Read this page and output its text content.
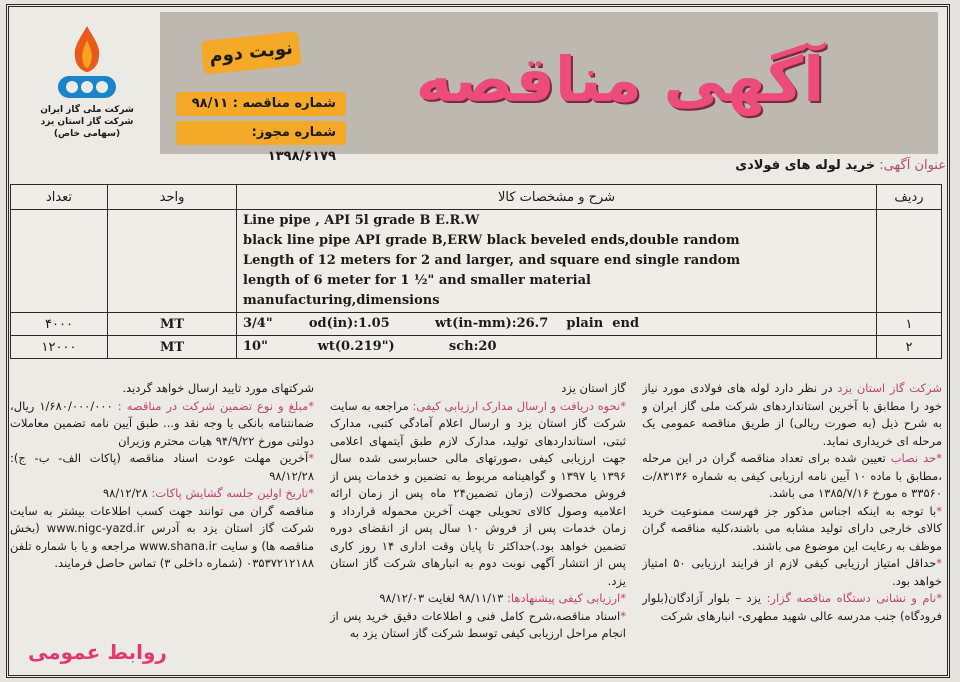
شرکت ملی گاز ایران
شرکت گاز استان یزد
(سهامی خاص)
نوبت دوم
شماره مناقصه : ۹۸/۱۱
شماره مجوز: ۱۳۹۸/۶۱۷۹
آگهی مناقصه
عنوان آگهی: خرید لوله های فولادی
تعداد	واحد	شرح و مشخصات کالا	ردیف

		Line pipe , API 5l grade B E.R.W
black line pipe API grade B,ERW black beveled ends,double random
Length of 12 meters for 2 and larger, and square end single random
length of 6 meter for 1 ½" and smaller material
manufacturing,dimensions	

۴۰۰۰	MT	3/4"        od(in):1.05          wt(in-mm):26.7    plain  end	۱
۱۲۰۰۰	MT	10"           wt(0.219")            sch:20	۲

شرکت گاز استان یزد در نظر دارد لوله های فولادی مورد نیاز خود را مطابق با آخرین استانداردهای شرکت ملی گاز ایران و به شرح ذیل (به صورت ریالی) از طریق مناقصه عمومی یک مرحله ای خریداری نماید.

*حد نصاب تعیین شده برای تعداد مناقصه گران در این مرحله ،مطابق با ماده ۱۰ آیین نامه ارزیابی کیفی به شماره ۸۳۱۳۶/ت ۳۳۵۶۰ ه مورخ ۱۳۸۵/۷/۱۶ می باشد.

*با توجه به اینکه اجناس مذکور جز فهرست ممنوعیت خرید کالای خارجی دارای تولید مشابه می باشند،کلیه مناقصه گران موظف به رعایت این موضوع می باشند.

*حداقل امتیاز ارزیابی کیفی لازم از فرایند ارزیابی ۵۰ امتیاز خواهد بود.

*نام و نشانی دستگاه مناقصه گزار: یزد – بلوار آزادگان(بلوار فرودگاه) جنب مدرسه عالی شهید مطهری- انبارهای شرکت

گاز استان یزد

*نحوه دریافت و ارسال مدارک ارزیابی کیفی: مراجعه به سایت شرکت گاز استان یزد و ارسال اعلام آمادگی کتبی، مدارک ثبتی، استانداردهای تولید، مدارک لازم طبق آیتمهای اعلامی جهت ارزیابی کیفی ،صورتهای مالی حسابرسی شده سال ۱۳۹۶ یا ۱۳۹۷ و گواهینامه مربوط به تضمین و خدمات پس از فروش محصولات (زمان تضمین۲۴ ماه پس از زمان ارائه اعلامیه وصول کالای تحویلی جهت آخرین محموله قرارداد و زمان خدمات پس از فروش ۱۰ سال پس از انقضای دوره تضمین خواهد بود.)حداکثر تا پایان وقت اداری ۱۴ روز کاری پس از انتشار آگهی نوبت دوم به انبارهای شرکت گاز استان یزد.

*ارزیابی کیفی پیشنهادها: ۹۸/۱۱/۱۳ لغایت ۹۸/۱۲/۰۳

*اسناد مناقصه،شرح کامل فنی و اطلاعات دقیق خرید پس از انجام مراحل ارزیابی کیفی توسط شرکت گاز استان یزد به

شرکتهای مورد تایید ارسال خواهد گردید.

*مبلغ و نوع تضمین شرکت در مناقصه : ۱/۶۸۰/۰۰۰/۰۰۰ ریال، ضمانتنامه بانکی یا وجه نقد و... طبق آیین نامه تضمین معاملات دولتی مورخ ۹۴/۹/۲۲ هیات محترم وزیران

*آخرین مهلت عودت اسناد مناقصه (پاکات الف- ب- ج): ۹۸/۱۲/۲۸

*تاریخ اولین جلسه گشایش پاکات: ۹۸/۱۲/۲۸

مناقصه گران می توانند جهت کسب اطلاعات بیشتر به سایت شرکت گاز استان یزد به آدرس www.nigc-yazd.ir (بخش مناقصه ها) و سایت www.shana.ir مراجعه و یا با شماره تلفن ۰۳۵۳۷۲۱۲۱۸۸ (شماره داخلی ۳) تماس حاصل فرمایند.

روابط عمومی
